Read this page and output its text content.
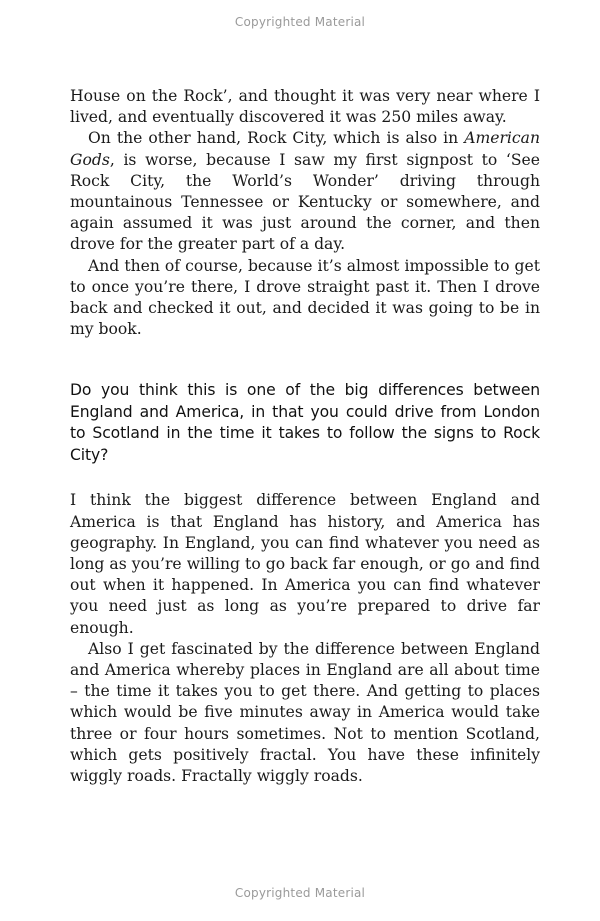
Copyrighted Material

House on the Rock’, and thought it was very near where I lived, and eventually discovered it was 250 miles away.

On the other hand, Rock City, which is also in American Gods, is worse, because I saw my first signpost to ‘See Rock City, the World’s Wonder’ driving through mountainous Tennessee or Kentucky or somewhere, and again assumed it was just around the corner, and then drove for the greater part of a day.

And then of course, because it’s almost impossible to get to once you’re there, I drove straight past it. Then I drove back and checked it out, and decided it was going to be in my book.

Do you think this is one of the big differences between England and America, in that you could drive from London to Scotland in the time it takes to follow the signs to Rock City?

I think the biggest difference between England and America is that England has history, and America has geography. In England, you can find whatever you need as long as you’re willing to go back far enough, or go and find out when it happened. In America you can find whatever you need just as long as you’re prepared to drive far enough.

Also I get fascinated by the difference between England and America whereby places in England are all about time – the time it takes you to get there. And getting to places which would be five minutes away in America would take three or four hours sometimes. Not to mention Scotland, which gets positively fractal. You have these infinitely wiggly roads. Fractally wiggly roads.

Copyrighted Material
